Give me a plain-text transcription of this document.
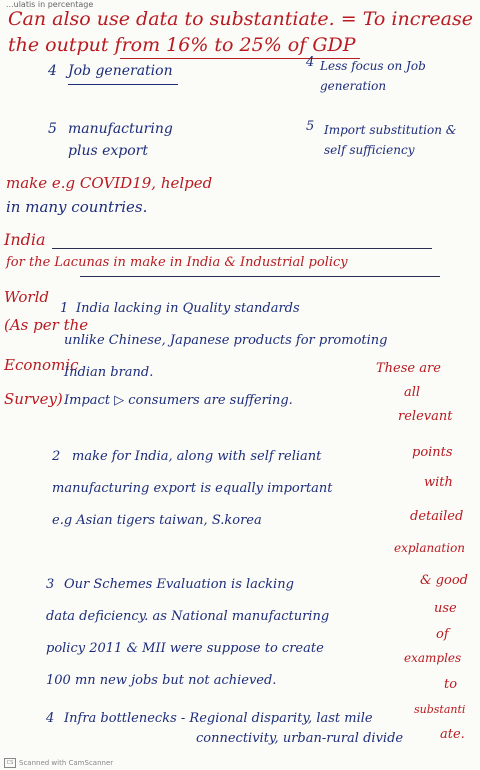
...ulatis in percentage
Can also use data to substantiate. = To increase
the output from 16% to 25% of GDP
4 Job generation
4 Less focus on Job generation
5 manufacturing plus export
5 Import substitution & self sufficiency
make e.g COVID19, helped
in many countries.
India
for the Lacunas in make in India & Industrial policy
World
(As per the
Economic
Survey)
1 India lacking in Quality standards
unlike Chinese, Japanese products for promoting
Indian brand.
Impact ▷ consumers are suffering.
2 make for India, along with self reliant
manufacturing export is equally important
e.g Asian tigers taiwan, S.korea
3 Our Schemes Evaluation is lacking
data deficiency. as National manufacturing
policy 2011 & MII were suppose to create
100 mn new jobs but not achieved.
4 Infra bottlenecks - Regional disparity, last mile
connectivity, urban-rural divide
These are
all
relevant
points
with
detailed
explanation
& good
use
of
examples
to
substanti
ate.
CS Scanned with CamScanner
